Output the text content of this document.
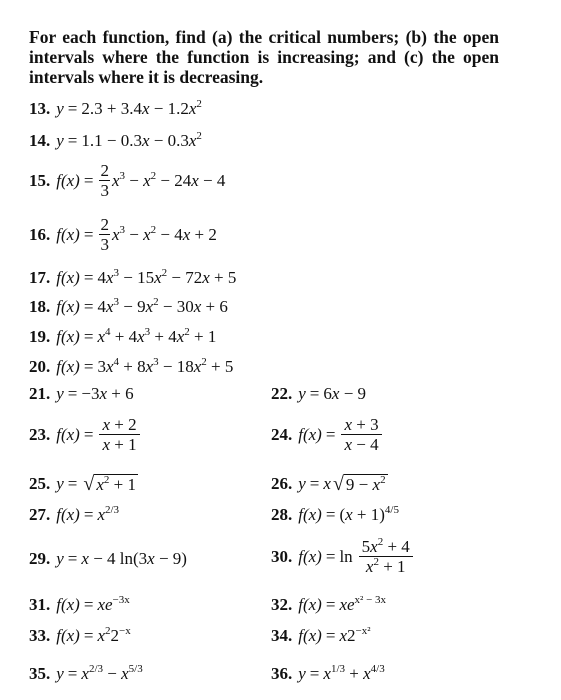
For each function, find (a) the critical numbers; (b) the open intervals where the function is increasing; and (c) the open intervals where it is decreasing.

13. $y = 2.3 + 3.4x - 1.2x^2$
14. $y = 1.1 - 0.3x - 0.3x^2$
15. $f(x) = \frac{2}{3} x^3 - x^2 - 24x - 4$
16. $f(x) = \frac{2}{3} x^3 - x^2 - 4x + 2$
17. $f(x) = 4x^3 - 15x^2 - 72x + 5$
18. $f(x) = 4x^3 - 9x^2 - 30x + 6$
19. $f(x) = x^4 + 4x^3 + 4x^2 + 1$
20. $f(x) = 3x^4 + 8x^3 - 18x^2 + 5$
21. y = −3x + 6	22. y = 6x − 9
23. $f(x) = \frac{x + 2}{x + 1}$	24. $f(x) = \frac{x + 3}{x - 4}$
25. y = √ $x^2 + 1$	26. y = x √ $9 - x^2$
27. $f(x) = x^{2/3}$	28. $f(x) = (x + 1)^{4/5}$
29. y = x − 4 ln(3x − 9)	30. $f(x) = \ln \frac{5x^2 + 4}{x^2 + 1}$
31. $f(x) = xe^{-3x}$	32. $f(x) = xe^{x^2 - 3x}$
33. $f(x) = x^22^{-x}$	34. $f(x) = x2^{-x^2}$
35. $y = x^{2/3} - x^{5/3}$	36. $y = x^{1/3} + x^{4/3}$
